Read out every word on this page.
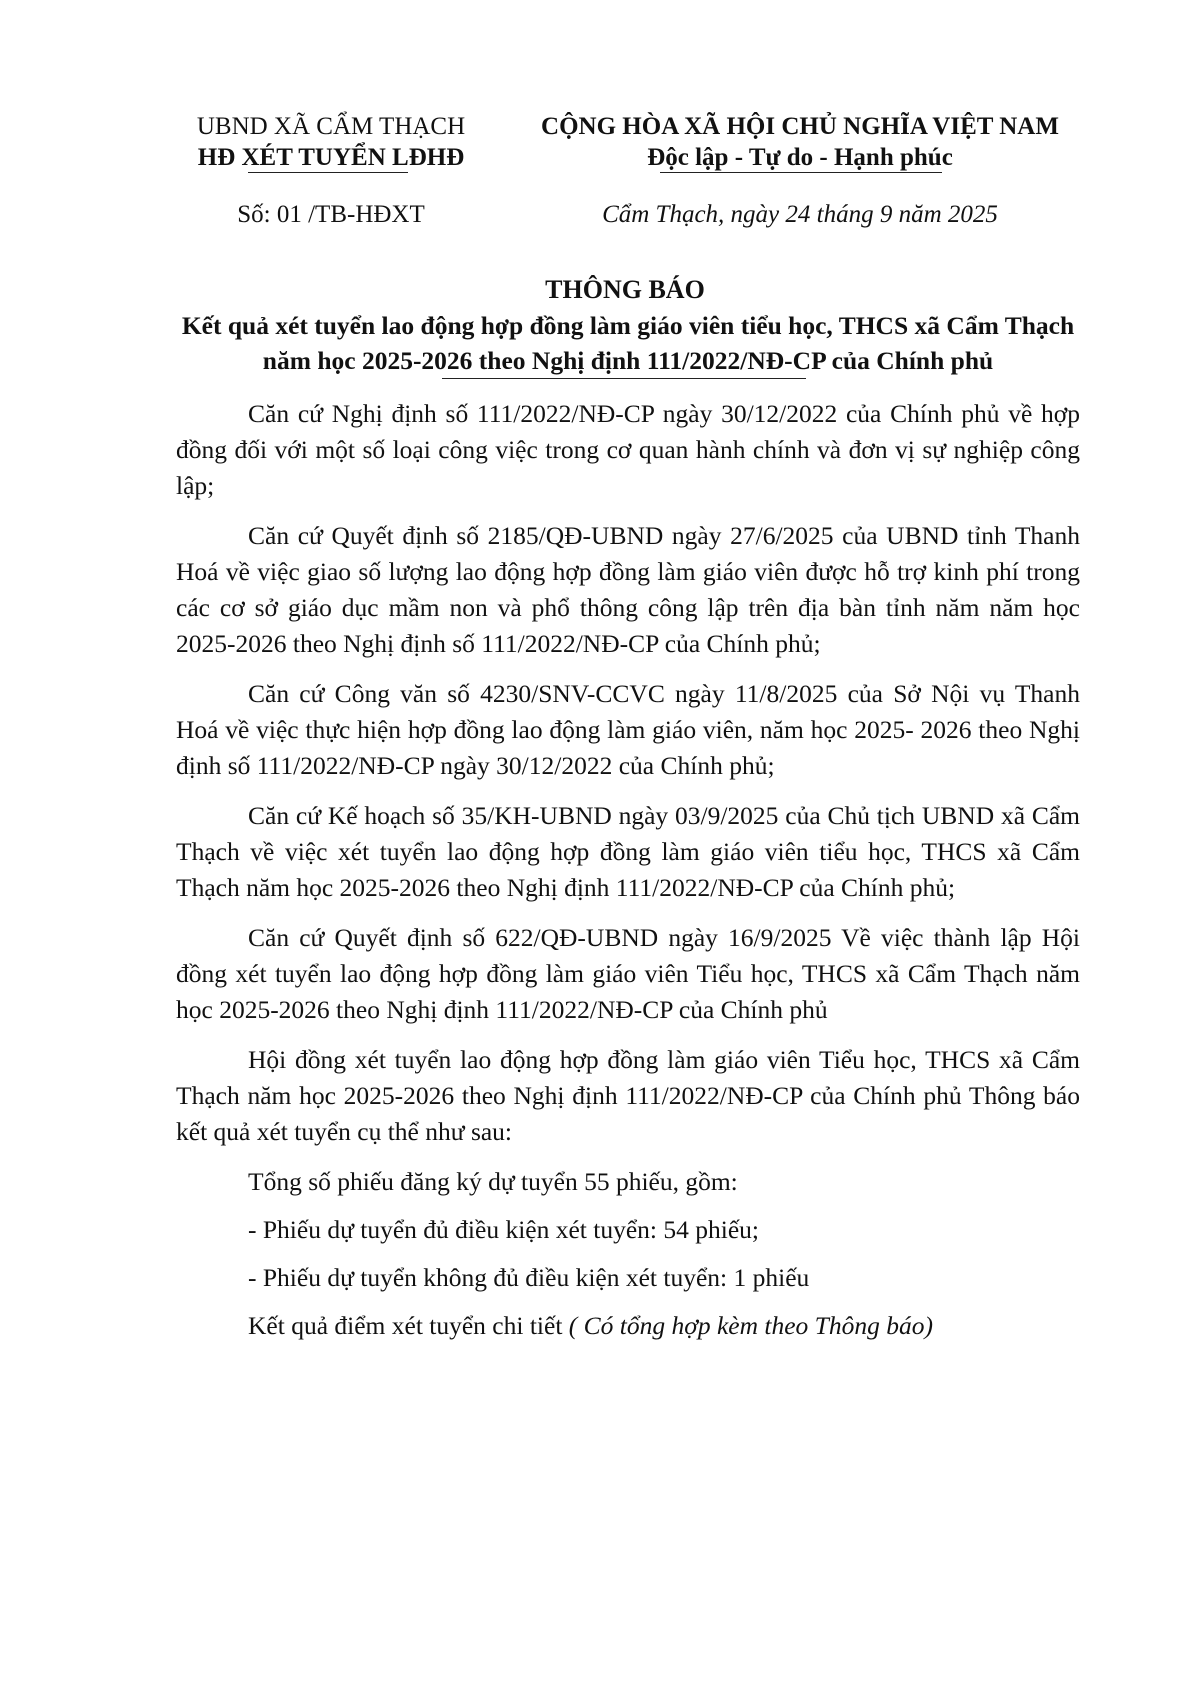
UBND XÃ CẨM THẠCH
HĐ XÉT TUYỂN LĐHĐ
CỘNG HÒA XÃ HỘI CHỦ NGHĨA VIỆT NAM
Độc lập - Tự do - Hạnh phúc
Số: 01 /TB-HĐXT	Cẩm Thạch, ngày 24 tháng 9 năm 2025
THÔNG BÁO
Kết quả xét tuyển lao động hợp đồng làm giáo viên tiểu học, THCS xã Cẩm Thạch năm học 2025-2026 theo Nghị định 111/2022/NĐ-CP của Chính phủ

Căn cứ Nghị định số 111/2022/NĐ-CP ngày 30/12/2022 của Chính phủ về hợp đồng đối với một số loại công việc trong cơ quan hành chính và đơn vị sự nghiệp công lập;

Căn cứ Quyết định số 2185/QĐ-UBND ngày 27/6/2025 của UBND tỉnh Thanh Hoá về việc giao số lượng lao động hợp đồng làm giáo viên được hỗ trợ kinh phí trong các cơ sở giáo dục mầm non và phổ thông công lập trên địa bàn tỉnh năm năm học 2025-2026 theo Nghị định số 111/2022/NĐ-CP của Chính phủ;

Căn cứ Công văn số 4230/SNV-CCVC ngày 11/8/2025 của Sở Nội vụ Thanh Hoá về việc thực hiện hợp đồng lao động làm giáo viên, năm học 2025- 2026 theo Nghị định số 111/2022/NĐ-CP ngày 30/12/2022 của Chính phủ;

Căn cứ Kế hoạch số 35/KH-UBND ngày 03/9/2025 của Chủ tịch UBND xã Cẩm Thạch về việc xét tuyển lao động hợp đồng làm giáo viên tiểu học, THCS xã Cẩm Thạch năm học 2025-2026 theo Nghị định 111/2022/NĐ-CP của Chính phủ;

Căn cứ Quyết định số 622/QĐ-UBND ngày 16/9/2025 Về việc thành lập Hội đồng xét tuyển lao động hợp đồng làm giáo viên Tiểu học, THCS xã Cẩm Thạch năm học 2025-2026 theo Nghị định 111/2022/NĐ-CP của Chính phủ

Hội đồng xét tuyển lao động hợp đồng làm giáo viên Tiểu học, THCS xã Cẩm Thạch năm học 2025-2026 theo Nghị định 111/2022/NĐ-CP của Chính phủ Thông báo kết quả xét tuyển cụ thể như sau:

Tổng số phiếu đăng ký dự tuyển 55 phiếu, gồm:

- Phiếu dự tuyển đủ điều kiện xét tuyển: 54 phiếu;

- Phiếu dự tuyển không đủ điều kiện xét tuyển: 1 phiếu

Kết quả điểm xét tuyển chi tiết ( Có tổng hợp kèm theo Thông báo)
